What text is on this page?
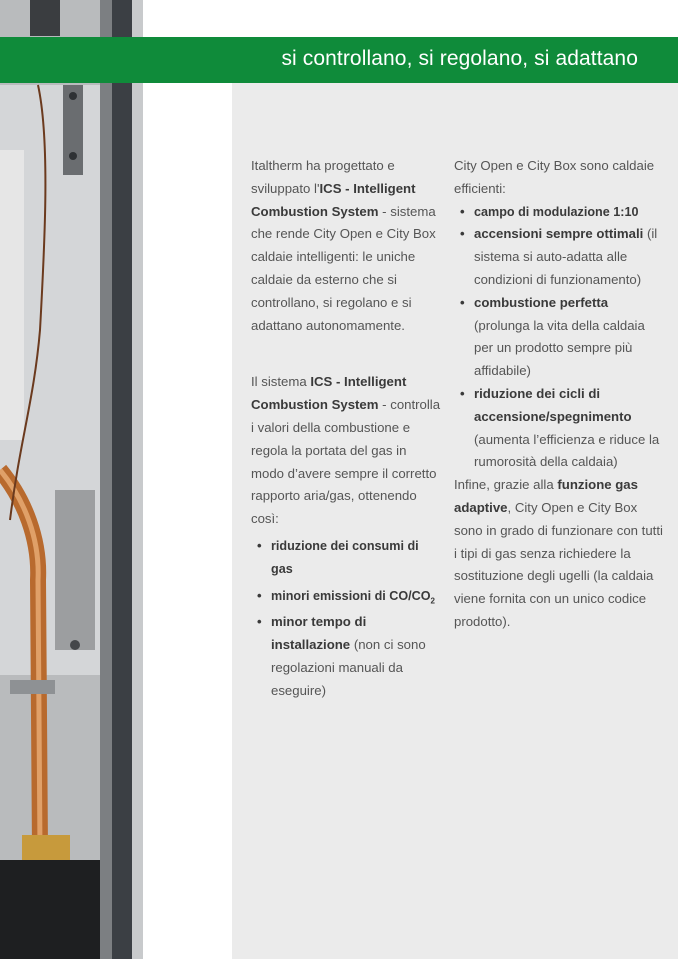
si controllano, si regolano, si adattano

Italtherm ha progettato e sviluppato l'ICS - Intelligent Combustion System - sistema che rende City Open e City Box caldaie intelligenti: le uniche caldaie da esterno che si controllano, si regolano e si adattano autonomamente.

Il sistema ICS - Intelligent Combustion System - controlla i valori della combustione e regola la portata del gas in modo d’avere sempre il corretto rapporto aria/gas, ottenendo così:

• riduzione dei consumi di gas
• minori emissioni di $CO/CO_2$
• minor tempo di installazione (non ci sono regolazioni manuali da eseguire)

City Open e City Box sono caldaie efficienti:

• campo di modulazione 1:10
• accensioni sempre ottimali (il sistema si auto-adatta alle condizioni di funzionamento)
• combustione perfetta (prolunga la vita della caldaia per un prodotto sempre più affidabile)
• riduzione dei cicli di accensione/spegnimento (aumenta l’efficienza e riduce la rumorosità della caldaia)

Infine, grazie alla funzione gas adaptive, City Open e City Box sono in grado di funzionare con tutti i tipi di gas senza richiedere la sostituzione degli ugelli (la caldaia viene fornita con un unico codice prodotto).
